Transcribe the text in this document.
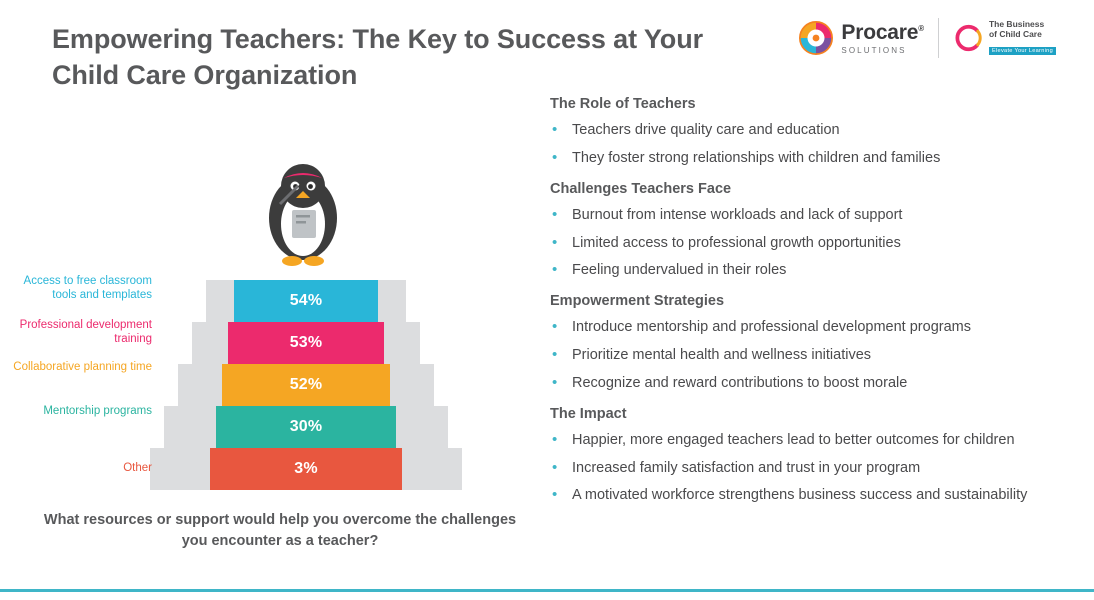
Empowering Teachers: The Key to Success at Your Child Care Organization
Procare®
SOLUTIONS
The Business
of Child Care
Elevate Your Learning
54%
53%
52%
30%
3%
Access to free classroom tools and templates
Professional development training
Collaborative planning time
Mentorship programs
Other
What resources or support would help you overcome the challenges you encounter as a teacher?
The Role of Teachers
•	Teachers drive quality care and education
•	They foster strong relationships with children and families
Challenges Teachers Face
•	Burnout from intense workloads and lack of support
•	Limited access to professional growth opportunities
•	Feeling undervalued in their roles
Empowerment Strategies
•	Introduce mentorship and professional development programs
•	Prioritize mental health and wellness initiatives
•	Recognize and reward contributions to boost morale
The Impact
•	Happier, more engaged teachers lead to better outcomes for children
•	Increased family satisfaction and trust in your program
•	A motivated workforce strengthens business success and sustainability
